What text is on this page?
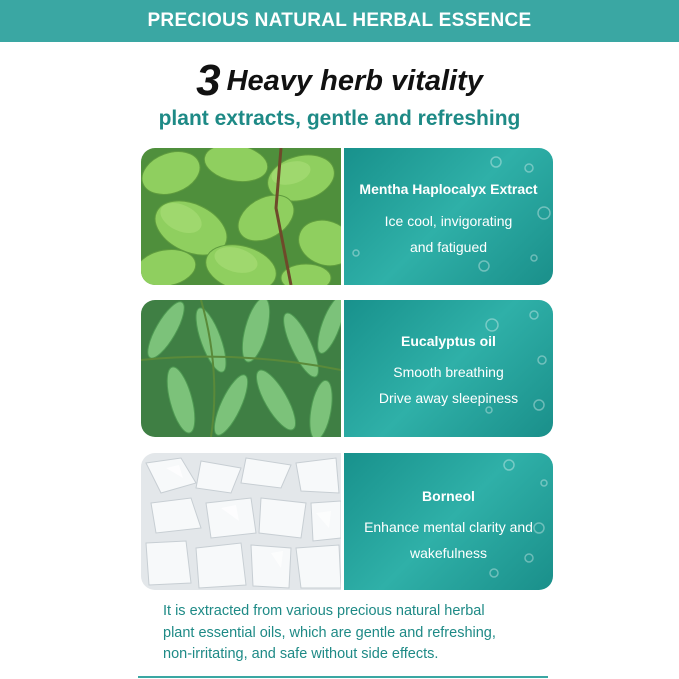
PRECIOUS NATURAL HERBAL ESSENCE
3 Heavy herb vitality
plant extracts, gentle and refreshing
Mentha Haplocalyx Extract
Ice cool, invigorating
and fatigued
Eucalyptus oil
Smooth breathing
Drive away sleepiness
Borneol
Enhance mental clarity and
wakefulness
It is extracted from various precious natural herbal
plant essential oils, which are gentle and refreshing,
non-irritating, and safe without side effects.
